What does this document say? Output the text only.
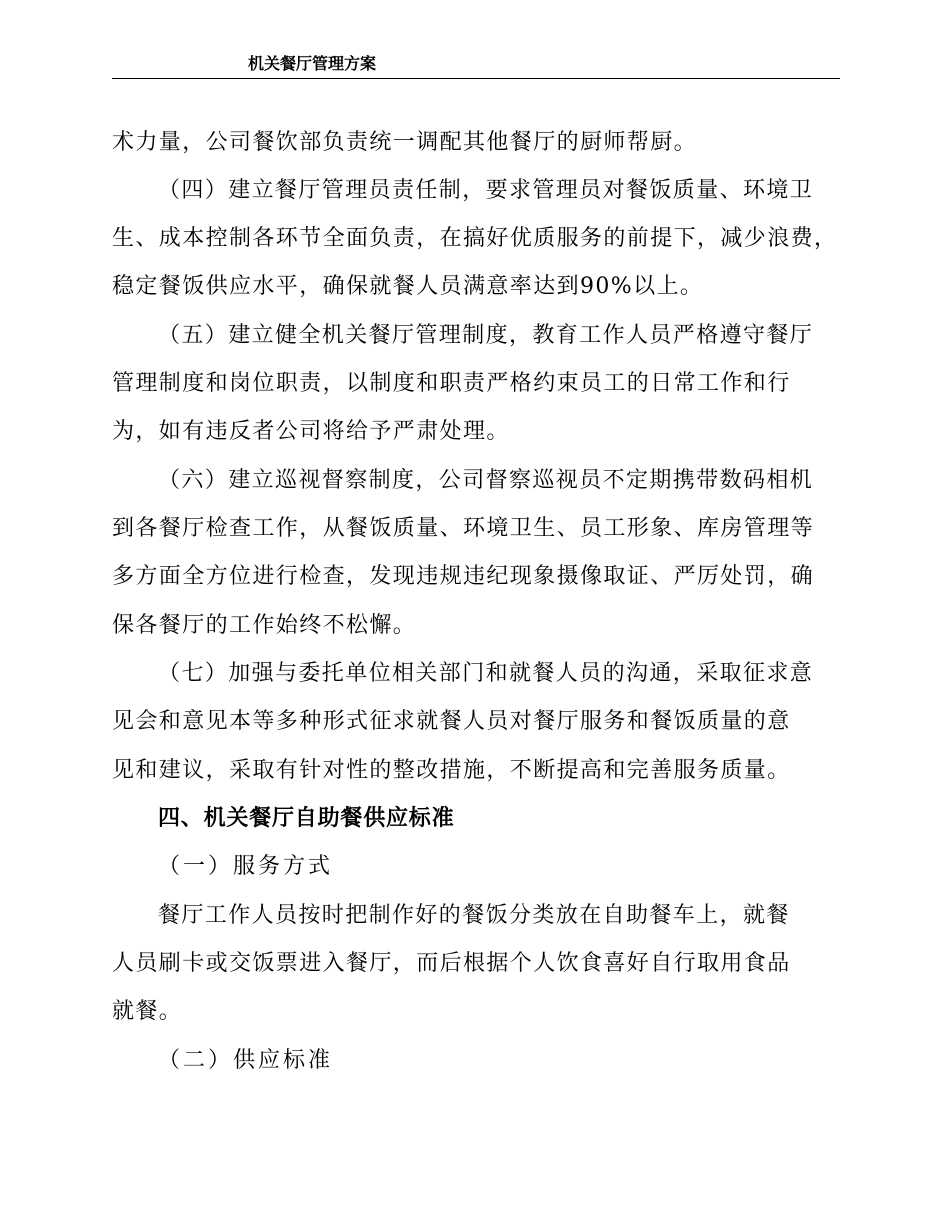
机关餐厅管理方案
术力量，公司餐饮部负责统一调配其他餐厅的厨师帮厨。
（四）建立餐厅管理员责任制，要求管理员对餐饭质量、环境卫
生、成本控制各环节全面负责，在搞好优质服务的前提下，减少浪费，
稳定餐饭供应水平，确保就餐人员满意率达到90%以上。
（五）建立健全机关餐厅管理制度，教育工作人员严格遵守餐厅
管理制度和岗位职责，以制度和职责严格约束员工的日常工作和行
为，如有违反者公司将给予严肃处理。
（六）建立巡视督察制度，公司督察巡视员不定期携带数码相机
到各餐厅检查工作，从餐饭质量、环境卫生、员工形象、库房管理等
多方面全方位进行检查，发现违规违纪现象摄像取证、严厉处罚，确
保各餐厅的工作始终不松懈。
（七）加强与委托单位相关部门和就餐人员的沟通，采取征求意
见会和意见本等多种形式征求就餐人员对餐厅服务和餐饭质量的意
见和建议，采取有针对性的整改措施，不断提高和完善服务质量。
四、机关餐厅自助餐供应标准
（一）服务方式
餐厅工作人员按时把制作好的餐饭分类放在自助餐车上，就餐
人员刷卡或交饭票进入餐厅，而后根据个人饮食喜好自行取用食品
就餐。
（二）供应标准
